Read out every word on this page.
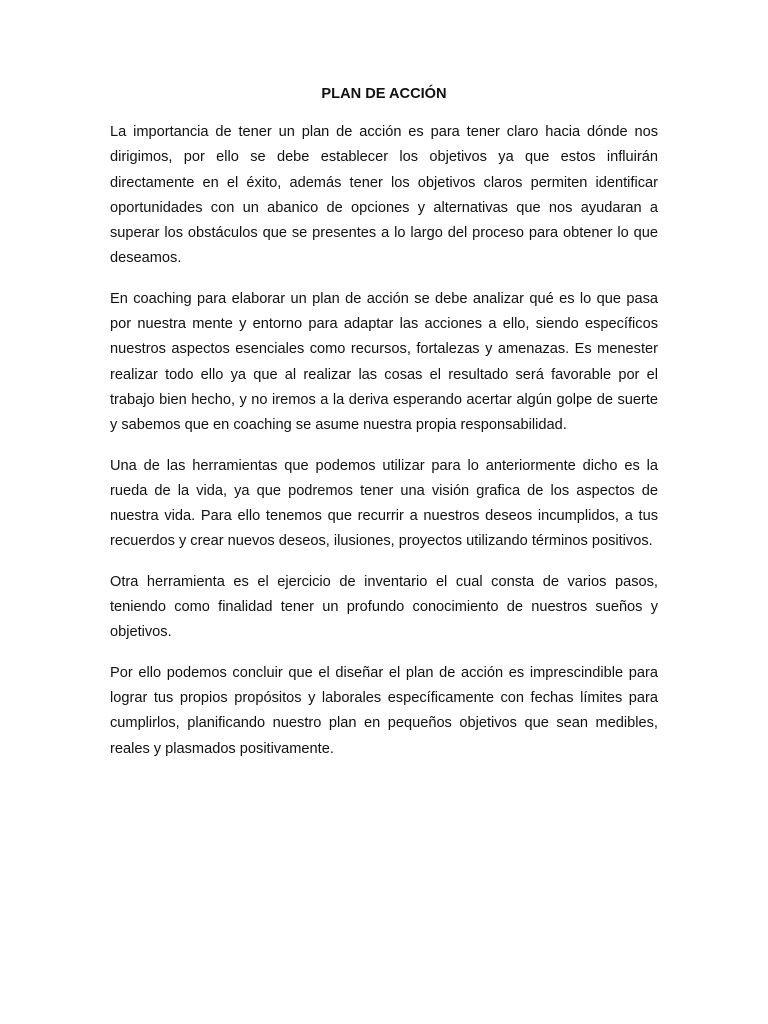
PLAN DE ACCIÓN

La importancia de tener un plan de acción es para tener claro hacia dónde nos dirigimos, por ello se debe establecer los objetivos ya que estos influirán directamente en el éxito, además tener los objetivos claros permiten identificar oportunidades con un abanico de opciones y alternativas que nos ayudaran a superar los obstáculos que se presentes a lo largo del proceso para obtener lo que deseamos.

En coaching para elaborar un plan de acción se debe analizar qué es lo que pasa por nuestra mente y entorno para adaptar las acciones a ello, siendo específicos nuestros aspectos esenciales como recursos, fortalezas y amenazas. Es menester realizar todo ello ya que al realizar las cosas el resultado será favorable por el trabajo bien hecho, y no iremos a la deriva esperando acertar algún golpe de suerte y sabemos que en coaching se asume nuestra propia responsabilidad.

Una de las herramientas que podemos utilizar para lo anteriormente dicho es la rueda de la vida, ya que podremos tener una visión grafica de los aspectos de nuestra vida. Para ello tenemos que recurrir a nuestros deseos incumplidos, a tus recuerdos y crear nuevos deseos, ilusiones, proyectos utilizando términos positivos.

Otra herramienta es el ejercicio de inventario el cual consta de varios pasos, teniendo como finalidad tener un profundo conocimiento de nuestros sueños y objetivos.

Por ello podemos concluir que el diseñar el plan de acción es imprescindible para lograr tus propios propósitos y laborales específicamente con fechas límites para cumplirlos, planificando nuestro plan en pequeños objetivos que sean medibles, reales y plasmados positivamente.
